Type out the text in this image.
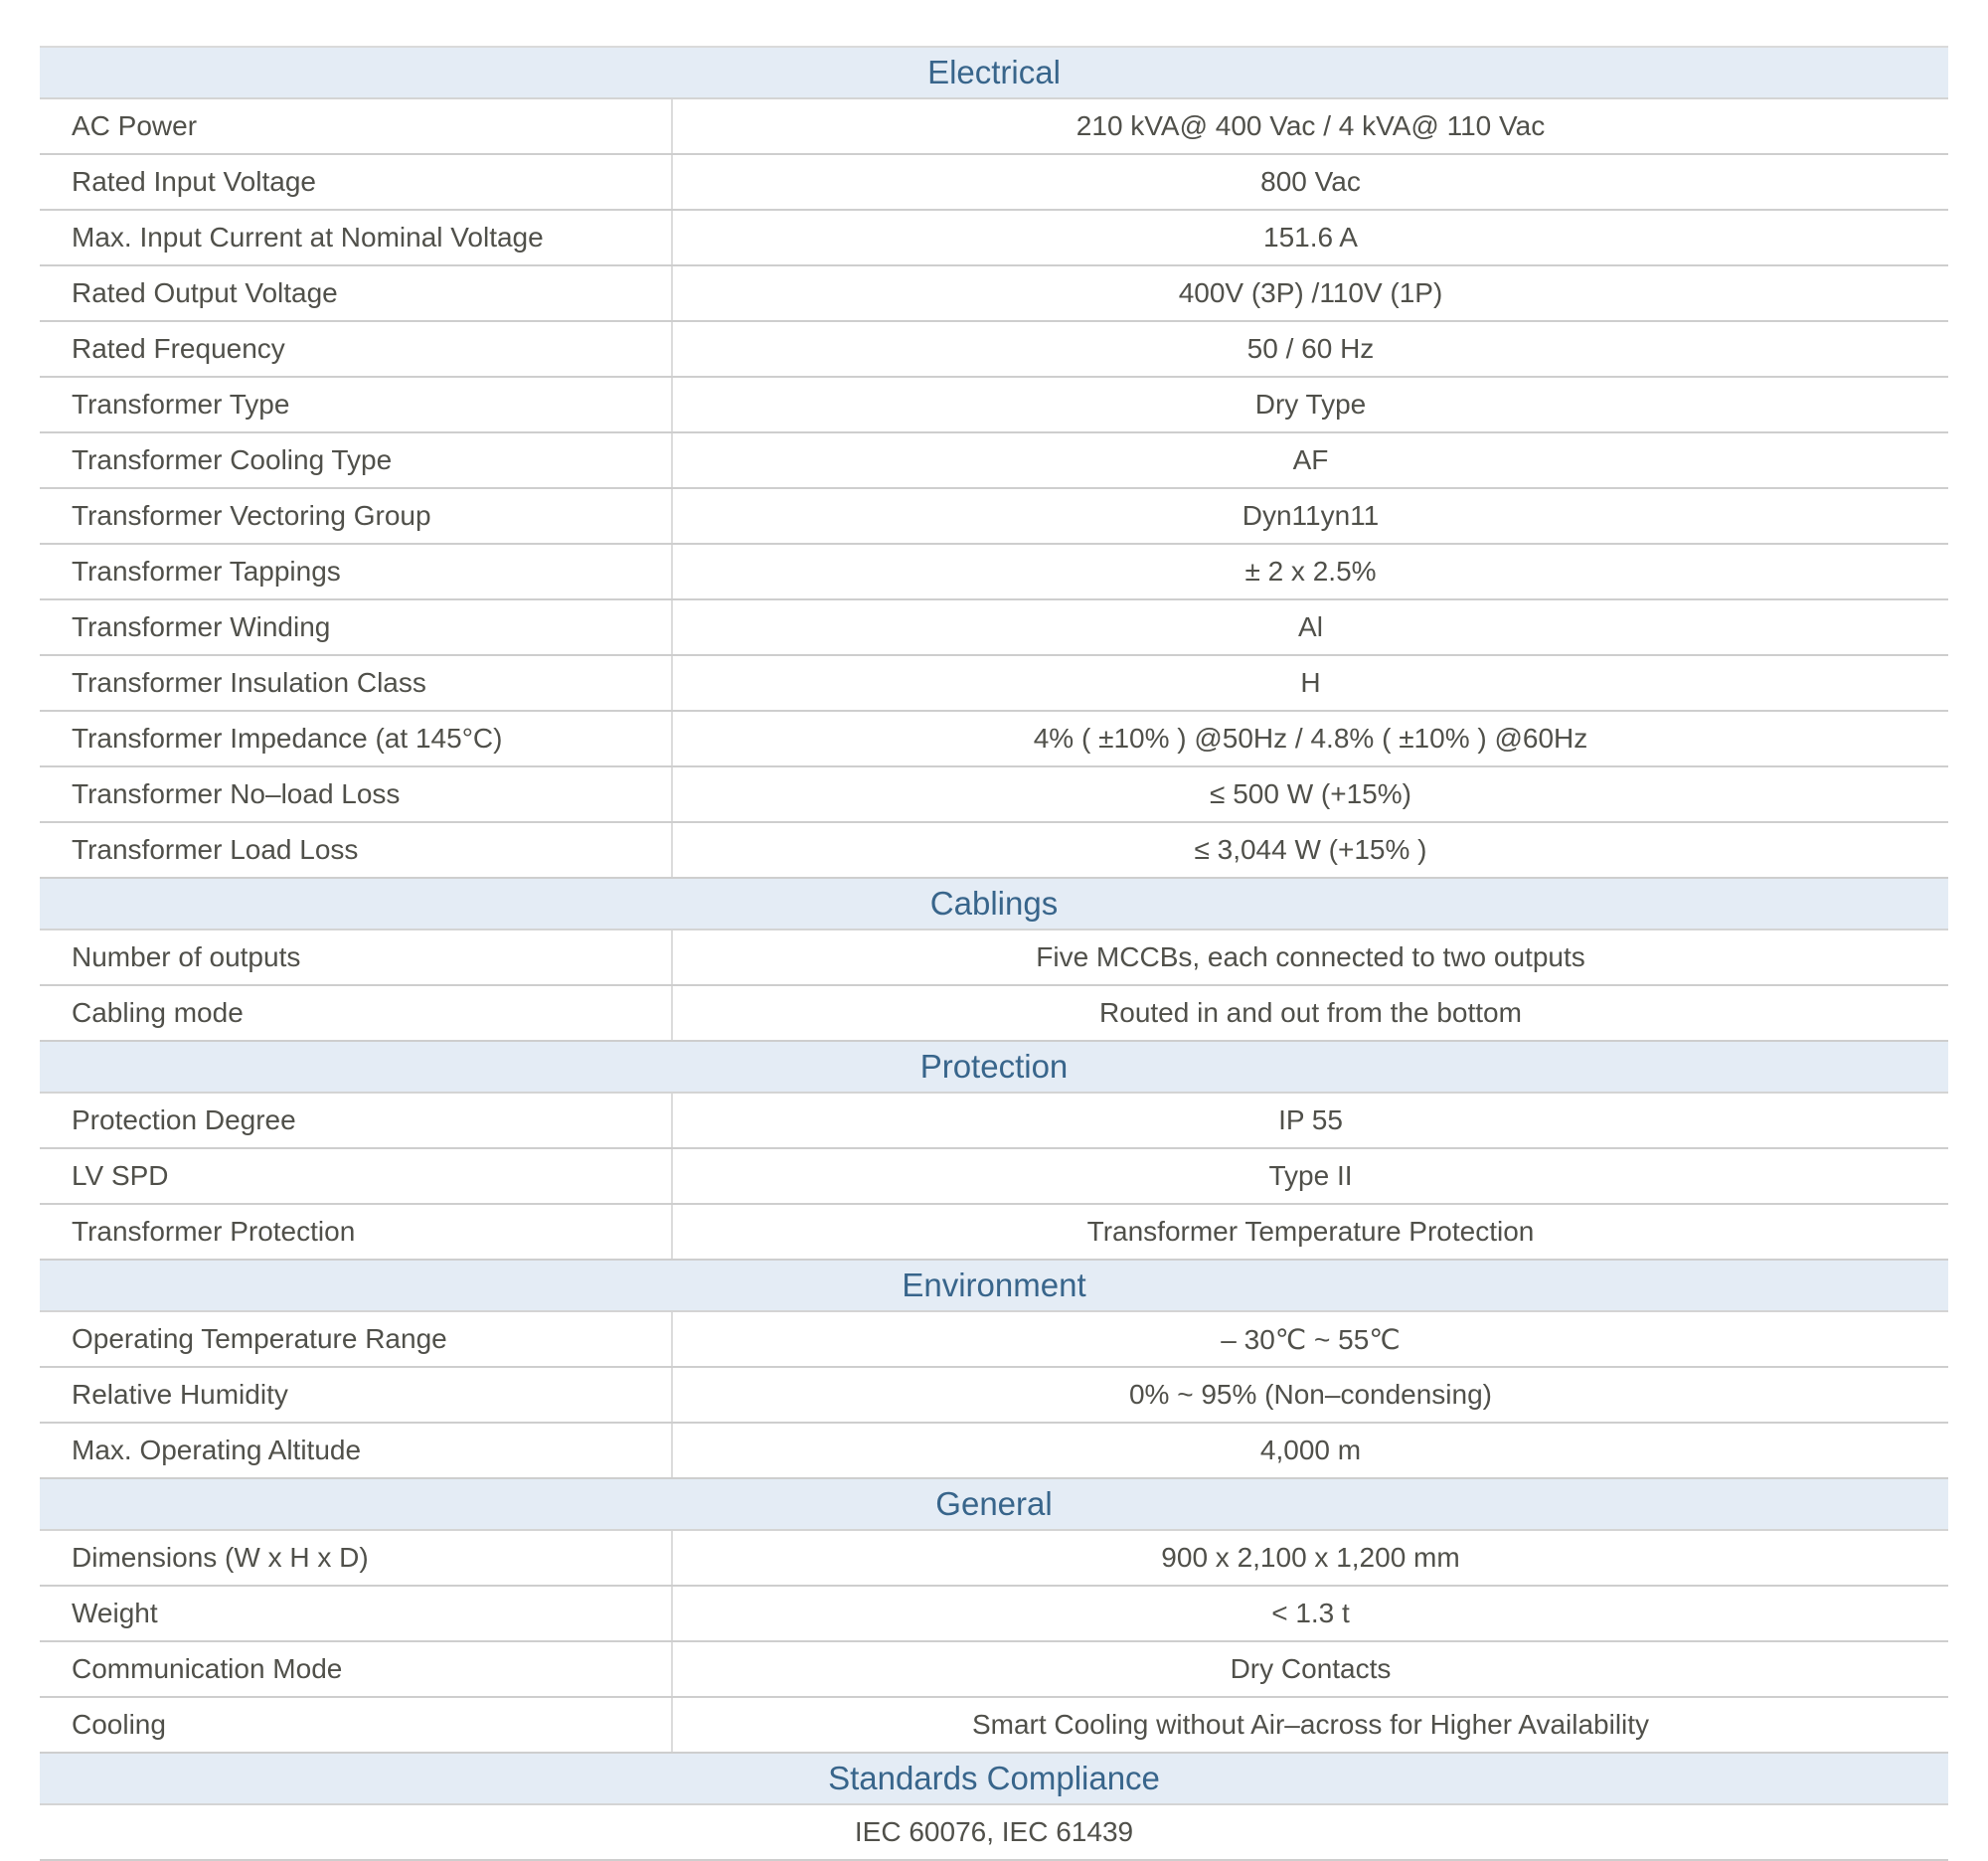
Electrical
AC Power	210 kVA@ 400 Vac / 4 kVA@ 110 Vac
Rated Input Voltage	800 Vac
Max. Input Current at Nominal Voltage	151.6 A
Rated Output Voltage	400V (3P) /110V (1P)
Rated Frequency	50 / 60 Hz
Transformer Type	Dry Type
Transformer Cooling Type	AF
Transformer Vectoring Group	Dyn11yn11
Transformer Tappings	± 2 x 2.5%
Transformer Winding	Al
Transformer Insulation Class	H
Transformer Impedance (at 145°C)	4% ( ±10% ) @50Hz / 4.8% ( ±10% ) @60Hz
Transformer No–load Loss	≤ 500 W (+15%)
Transformer Load Loss	≤ 3,044 W (+15% )
Cablings
Number of outputs	Five MCCBs, each connected to two outputs
Cabling mode	Routed in and out from the bottom
Protection
Protection Degree	IP 55
LV SPD	Type II
Transformer Protection	Transformer Temperature Protection
Environment
Operating Temperature Range	– 30℃ ~ 55℃
Relative Humidity	0% ~ 95% (Non–condensing)
Max. Operating Altitude	4,000 m
General
Dimensions (W x H x D)	900 x 2,100 x 1,200 mm
Weight	< 1.3 t
Communication Mode	Dry Contacts
Cooling	Smart Cooling without Air–across for Higher Availability
Standards Compliance
IEC 60076, IEC 61439
